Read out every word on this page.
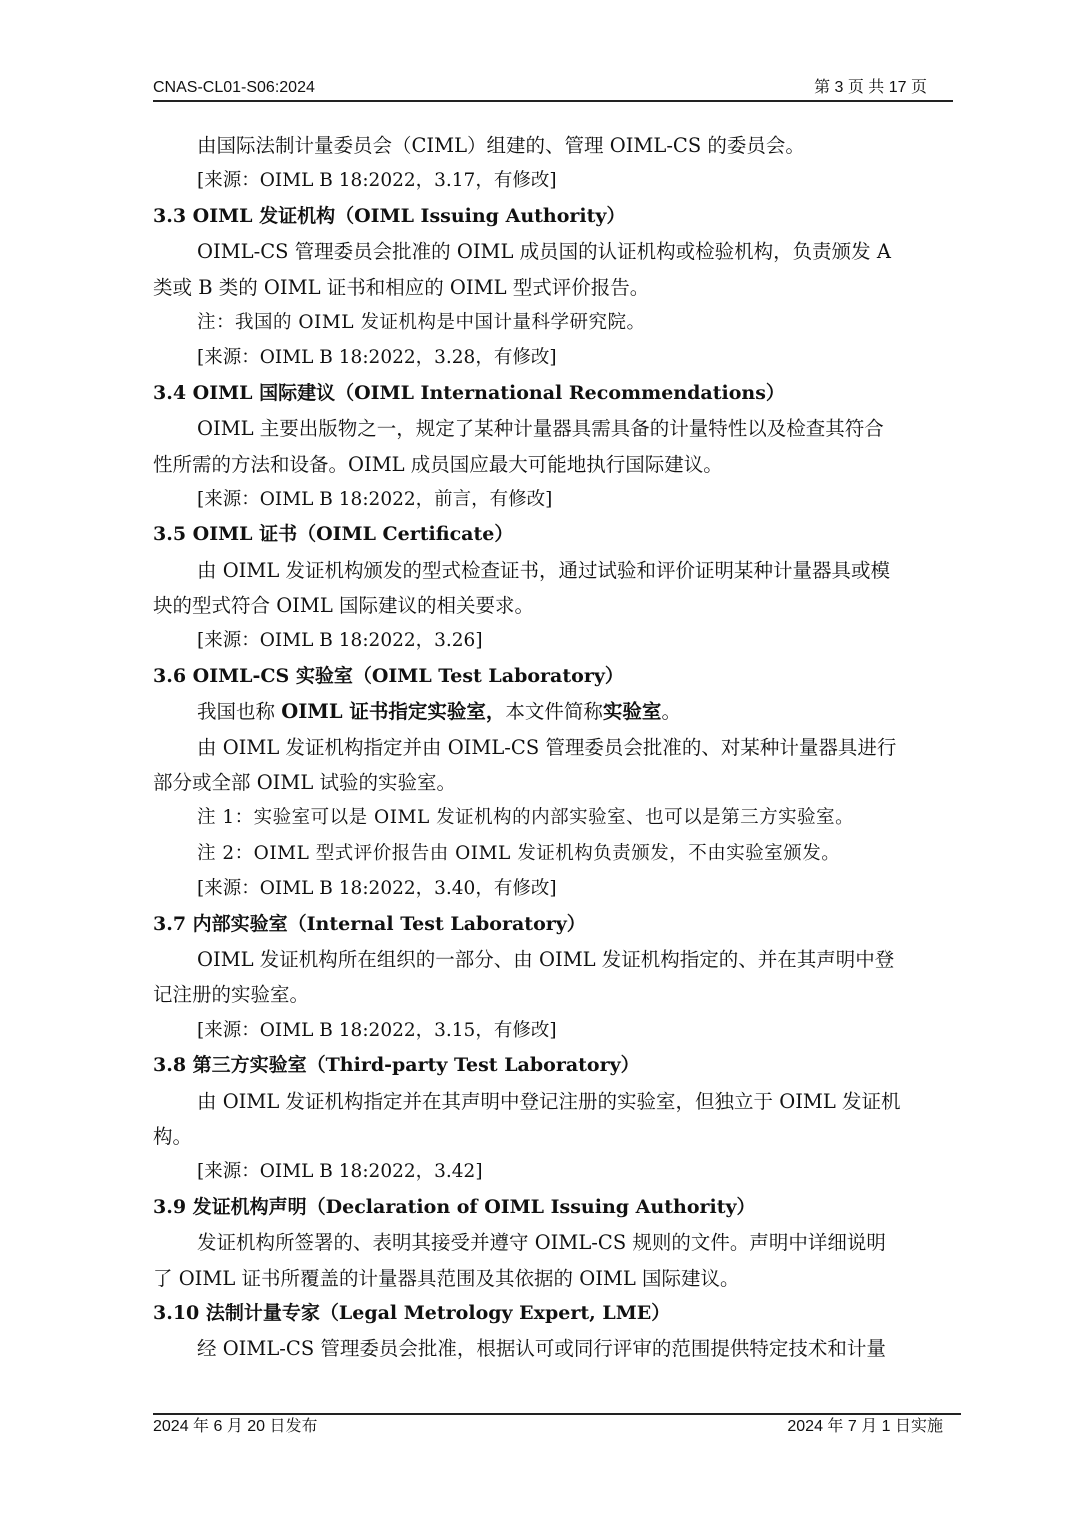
CNAS-CL01-S06:2024	第 3 页 共 17 页
由国际法制计量委员会（CIML）组建的、管理 OIML-CS 的委员会。
[来源：OIML B 18:2022，3.17，有修改]
3.3 OIML 发证机构（OIML Issuing Authority）
OIML-CS 管理委员会批准的 OIML 成员国的认证机构或检验机构，负责颁发 A
类或 B 类的 OIML 证书和相应的 OIML 型式评价报告。
注：我国的 OIML 发证机构是中国计量科学研究院。
[来源：OIML B 18:2022，3.28，有修改]
3.4 OIML 国际建议（OIML International Recommendations）
OIML 主要出版物之一，规定了某种计量器具需具备的计量特性以及检查其符合
性所需的方法和设备。OIML 成员国应最大可能地执行国际建议。
[来源：OIML B 18:2022，前言，有修改]
3.5 OIML 证书（OIML Certificate）
由 OIML 发证机构颁发的型式检查证书，通过试验和评价证明某种计量器具或模
块的型式符合 OIML 国际建议的相关要求。
[来源：OIML B 18:2022，3.26]
3.6 OIML-CS 实验室（OIML Test Laboratory）
我国也称 OIML 证书指定实验室，本文件简称实验室。
由 OIML 发证机构指定并由 OIML-CS 管理委员会批准的、对某种计量器具进行
部分或全部 OIML 试验的实验室。
注 1：实验室可以是 OIML 发证机构的内部实验室、也可以是第三方实验室。
注 2：OIML 型式评价报告由 OIML 发证机构负责颁发，不由实验室颁发。
[来源：OIML B 18:2022，3.40，有修改]
3.7 内部实验室（Internal Test Laboratory）
OIML 发证机构所在组织的一部分、由 OIML 发证机构指定的、并在其声明中登
记注册的实验室。
[来源：OIML B 18:2022，3.15，有修改]
3.8 第三方实验室（Third-party Test Laboratory）
由 OIML 发证机构指定并在其声明中登记注册的实验室，但独立于 OIML 发证机
构。
[来源：OIML B 18:2022，3.42]
3.9 发证机构声明（Declaration of OIML Issuing Authority）
发证机构所签署的、表明其接受并遵守 OIML-CS 规则的文件。声明中详细说明
了 OIML 证书所覆盖的计量器具范围及其依据的 OIML 国际建议。
3.10 法制计量专家（Legal Metrology Expert, LME）
经 OIML-CS 管理委员会批准，根据认可或同行评审的范围提供特定技术和计量
2024 年 6 月 20 日发布	2024 年 7 月 1 日实施
